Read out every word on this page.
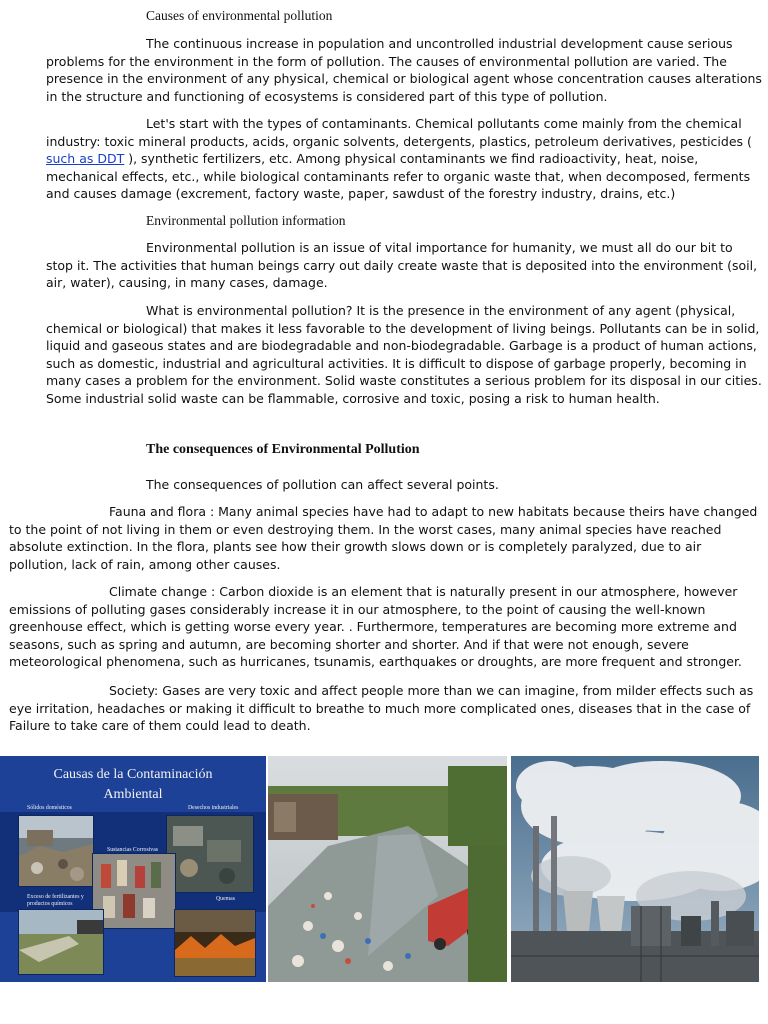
Causes of environmental pollution

The continuous increase in population and uncontrolled industrial development cause serious problems for the environment in the form of pollution. The causes of environmental pollution are varied. The presence in the environment of any physical, chemical or biological agent whose concentration causes alterations in the structure and functioning of ecosystems is considered part of this type of pollution.

Let's start with the types of contaminants. Chemical pollutants come mainly from the chemical industry: toxic mineral products, acids, organic solvents, detergents, plastics, petroleum derivatives, pesticides ( such as DDT ), synthetic fertilizers, etc. Among physical contaminants we find radioactivity, heat, noise, mechanical effects, etc., while biological contaminants refer to organic waste that, when decomposed, ferments and causes damage (excrement, factory waste, paper, sawdust of the forestry industry, drains, etc.)

Environmental pollution information

Environmental pollution is an issue of vital importance for humanity, we must all do our bit to stop it. The activities that human beings carry out daily create waste that is deposited into the environment (soil, air, water), causing, in many cases, damage.

What is environmental pollution? It is the presence in the environment of any agent (physical, chemical or biological) that makes it less favorable to the development of living beings. Pollutants can be in solid, liquid and gaseous states and are biodegradable and non-biodegradable. Garbage is a product of human actions, such as domestic, industrial and agricultural activities. It is difficult to dispose of garbage properly, becoming in many cases a problem for the environment. Solid waste constitutes a serious problem for its disposal in our cities. Some industrial solid waste can be flammable, corrosive and toxic, posing a risk to human health.

The consequences of Environmental Pollution
The consequences of pollution can affect several points.

Fauna and flora : Many animal species have had to adapt to new habitats because theirs have changed to the point of not living in them or even destroying them. In the worst cases, many animal species have reached absolute extinction. In the flora, plants see how their growth slows down or is completely paralyzed, due to air pollution, lack of rain, among other causes.

Climate change : Carbon dioxide is an element that is naturally present in our atmosphere, however emissions of polluting gases considerably increase it in our atmosphere, to the point of causing the well-known greenhouse effect, which is getting worse every year. . Furthermore, temperatures are becoming more extreme and seasons, such as spring and autumn, are becoming shorter and shorter. And if that were not enough, severe meteorological phenomena, such as hurricanes, tsunamis, earthquakes or droughts, are more frequent and stronger.

Society: Gases are very toxic and affect people more than we can imagine, from milder effects such as eye irritation, headaches or making it difficult to breathe to much more complicated ones, diseases that in the case of Failure to take care of them could lead to death.

Causas de la Contaminación
Ambiental
Sólidos domésticos	Desechos industriales
Sustancias Corrosivas
Exceso de fertilizantes y productos químicos
Quemas
